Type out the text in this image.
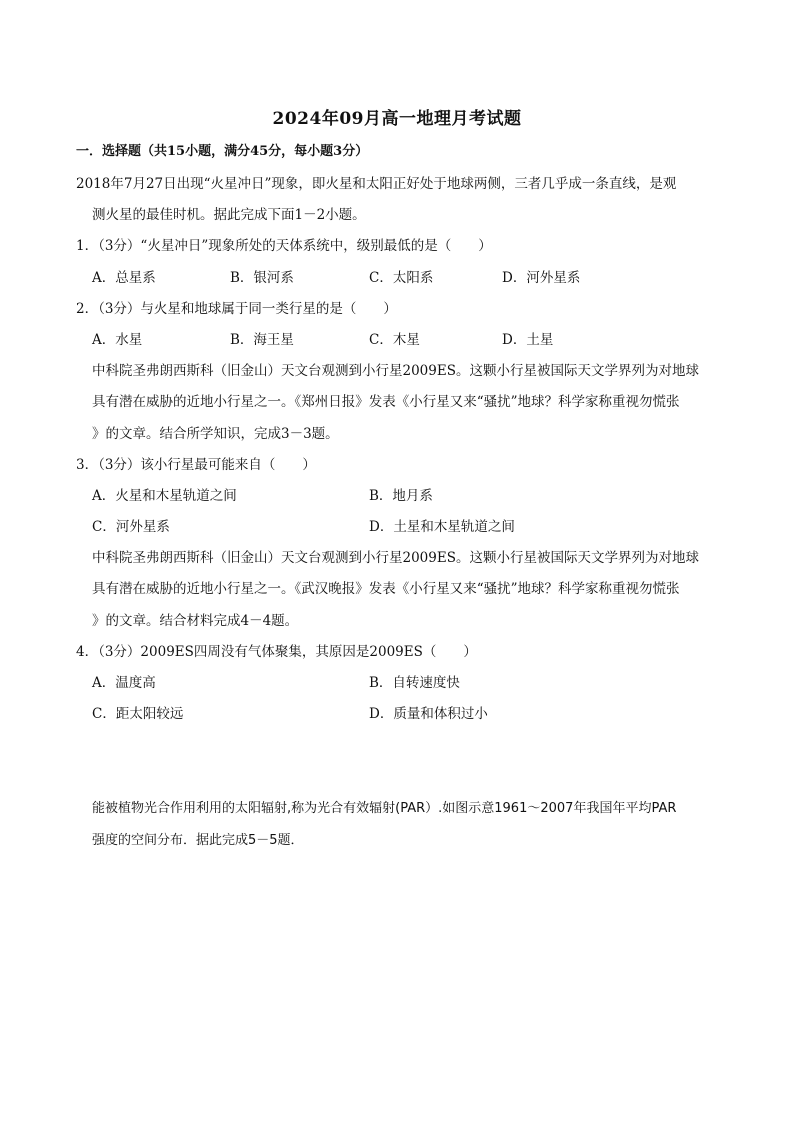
2024年09月高一地理月考试题
一．选择题（共15小题，满分45分，每小题3分）
2018年7月27日出现“火星冲日”现象，即火星和太阳正好处于地球两侧，三者几乎成一条直线，是观
测火星的最佳时机。据此完成下面1－2小题。
1．（3分）“火星冲日”现象所处的天体系统中，级别最低的是（　　）
A．总星系	B．银河系	C．太阳系	D．河外星系
2．（3分）与火星和地球属于同一类行星的是（　　）
A．水星	B．海王星	C．木星	D．土星
中科院圣弗朗西斯科（旧金山）天文台观测到小行星2009ES。这颗小行星被国际天文学界列为对地球
具有潜在威胁的近地小行星之一。《郑州日报》发表《小行星又来“骚扰”地球？科学家称重视勿慌张
》的文章。结合所学知识，完成3－3题。
3．（3分）该小行星最可能来自（　　）
A．火星和木星轨道之间	B．地月系
C．河外星系	D．土星和木星轨道之间
中科院圣弗朗西斯科（旧金山）天文台观测到小行星2009ES。这颗小行星被国际天文学界列为对地球
具有潜在威胁的近地小行星之一。《武汉晚报》发表《小行星又来“骚扰”地球？科学家称重视勿慌张
》的文章。结合材料完成4－4题。
4．（3分）2009ES四周没有气体聚集，其原因是2009ES（　　）
A．温度高	B．自转速度快
C．距太阳较远	D．质量和体积过小
能被植物光合作用利用的太阳辐射,称为光合有效辐射(PAR）.如图示意1961～2007年我国年平均PAR
强度的空间分布．据此完成5－5题．
